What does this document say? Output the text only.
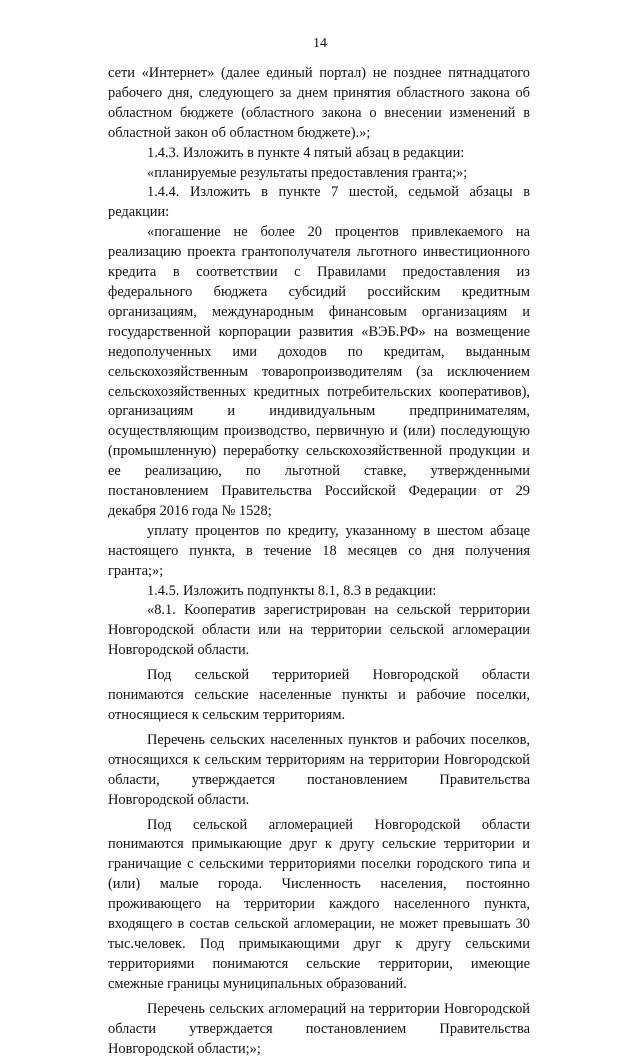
14

сети «Интернет» (далее единый портал) не позднее пятнадцатого рабочего дня, следующего за днем принятия областного закона об областном бюджете (областного закона о внесении изменений в областной закон об областном бюджете).»;

1.4.3. Изложить в пункте 4 пятый абзац в редакции:

«планируемые результаты предоставления гранта;»;

1.4.4. Изложить в пункте 7 шестой, седьмой абзацы в редакции:

«погашение не более 20 процентов привлекаемого на реализацию проекта грантополучателя льготного инвестиционного кредита в соответствии с Правилами предоставления из федерального бюджета субсидий российским кредитным организациям, международным финансовым организациям и государственной корпорации развития «ВЭБ.РФ» на возмещение недополученных ими доходов по кредитам, выданным сельскохозяйственным товаропроизводителям (за исключением сельскохозяйственных кредитных потребительских кооперативов), организациям и индивидуальным предпринимателям, осуществляющим производство, первичную и (или) последующую (промышленную) переработку сельскохозяйственной продукции и ее реализацию, по льготной ставке, утвержденными постановлением Правительства Российской Федерации от 29 декабря 2016 года № 1528;

уплату процентов по кредиту, указанному в шестом абзаце настоящего пункта, в течение 18 месяцев со дня получения гранта;»;

1.4.5. Изложить подпункты 8.1, 8.3 в редакции:

«8.1. Кооператив зарегистрирован на сельской территории Новгородской области или на территории сельской агломерации Новгородской области.

Под сельской территорией Новгородской области понимаются сельские населенные пункты и рабочие поселки, относящиеся к сельским территориям.

Перечень сельских населенных пунктов и рабочих поселков, относящихся к сельским территориям на территории Новгородской области, утверждается постановлением Правительства Новгородской области.

Под сельской агломерацией Новгородской области понимаются примыкающие друг к другу сельские территории и граничащие с сельскими территориями поселки городского типа и (или) малые города. Численность населения, постоянно проживающего на территории каждого населенного пункта, входящего в состав сельской агломерации, не может превышать 30 тыс.человек. Под примыкающими друг к другу сельскими территориями понимаются сельские территории, имеющие смежные границы муниципальных образований.

Перечень сельских агломераций на территории Новгородской области утверждается постановлением Правительства Новгородской области;»;
